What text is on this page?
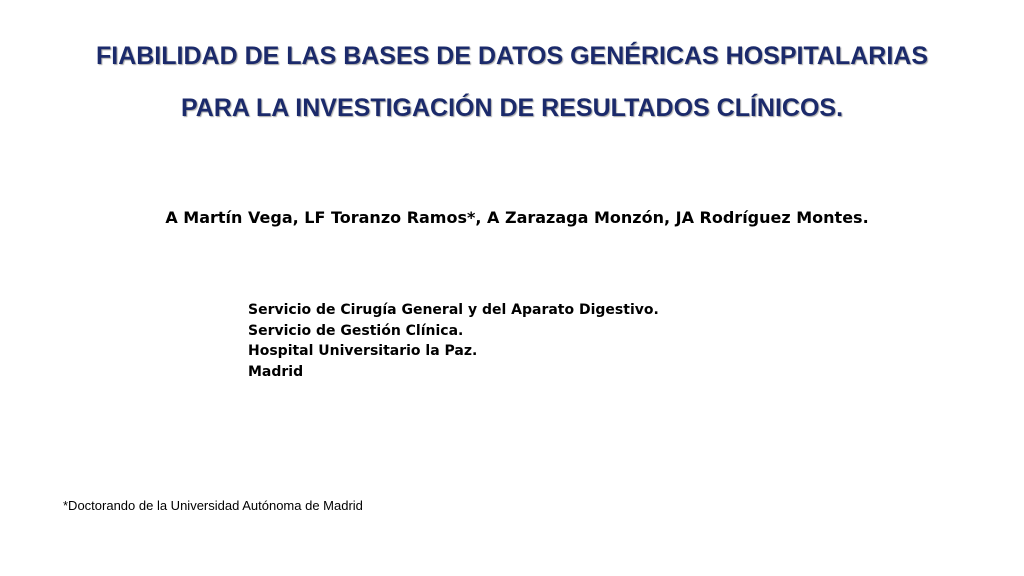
FIABILIDAD DE LAS BASES DE DATOS GENÉRICAS HOSPITALARIAS
PARA LA INVESTIGACIÓN DE RESULTADOS CLÍNICOS.
A Martín Vega, LF Toranzo Ramos*, A Zarazaga Monzón, JA Rodríguez Montes.
Servicio de Cirugía General y del Aparato Digestivo.
Servicio de Gestión Clínica.
Hospital Universitario la Paz.
Madrid
*Doctorando de la Universidad Autónoma de Madrid
